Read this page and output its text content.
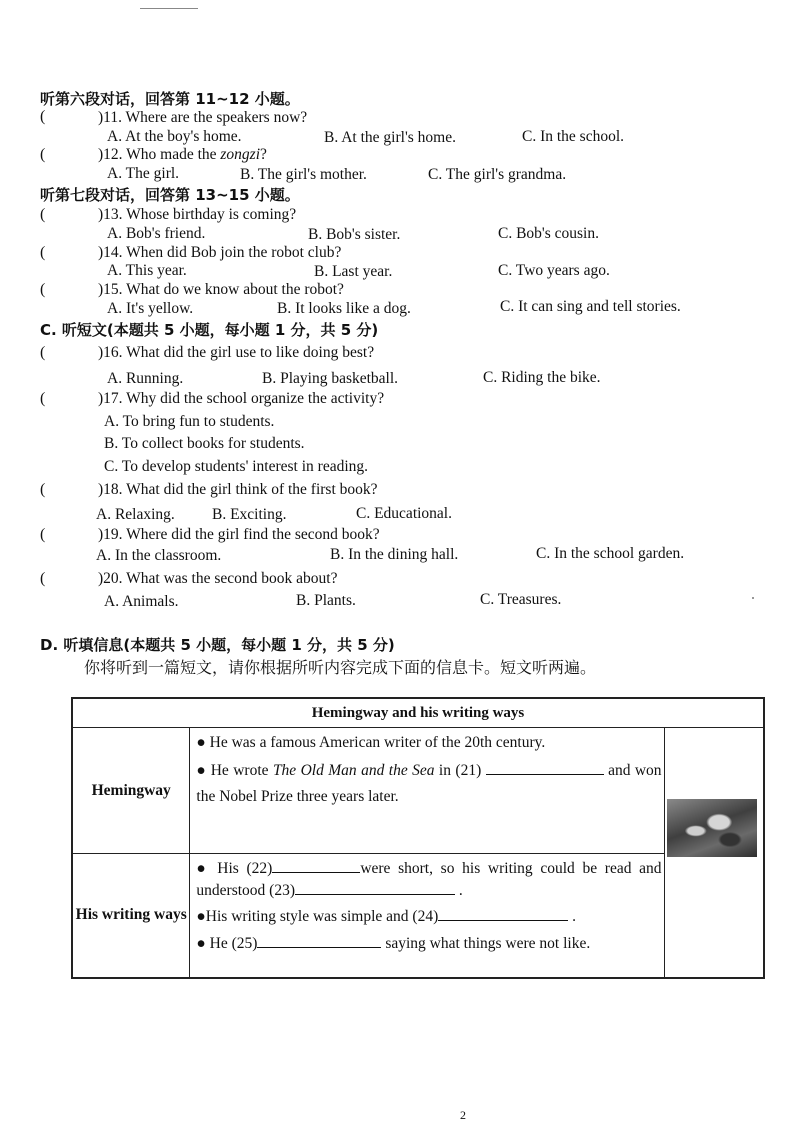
听第六段对话，回答第 11~12 小题。
(	)11. Where are the speakers now?
A. At the boy's home.	B. At the girl's home.	C. In the school.
(	)12. Who made the zongzi?
A. The girl.	B. The girl's mother.	C. The girl's grandma.
听第七段对话，回答第 13~15 小题。
(	)13. Whose birthday is coming?
A. Bob's friend.	B. Bob's sister.	C. Bob's cousin.
(	)14. When did Bob join the robot club?
A. This year.	B. Last year.	C. Two years ago.
(	)15. What do we know about the robot?
A. It's yellow.	B. It looks like a dog.	C. It can sing and tell stories.
C. 听短文(本题共 5 小题，每小题 1 分，共 5 分)
(	)16. What did the girl use to like doing best?
A. Running.	B. Playing basketball.	C. Riding the bike.
(	)17. Why did the school organize the activity?
A. To bring fun to students.
B. To collect books for students.
C. To develop students' interest in reading.
(	)18. What did the girl think of the first book?
A. Relaxing. B. Exciting.	C. Educational.
(	)19. Where did the girl find the second book?
A. In the classroom.	B. In the dining hall.	C. In the school garden.
(	)20. What was the second book about?
A. Animals.	B. Plants.	C. Treasures.
D. 听填信息(本题共 5 小题，每小题 1 分，共 5 分)
你将听到一篇短文，请你根据所听内容完成下面的信息卡。短文听两遍。
Hemingway and his writing ways		
Hemingway	● He was a famous American writer of the 20th century.
● He wrote The Old Man and the Sea in (21) and won the Nobel Prize three years later.	

His writing ways	● His (22) were short, so his writing could be read and understood (23) .
●His writing style was simple and (24) .
● He (25) saying what things were not like.	
2
